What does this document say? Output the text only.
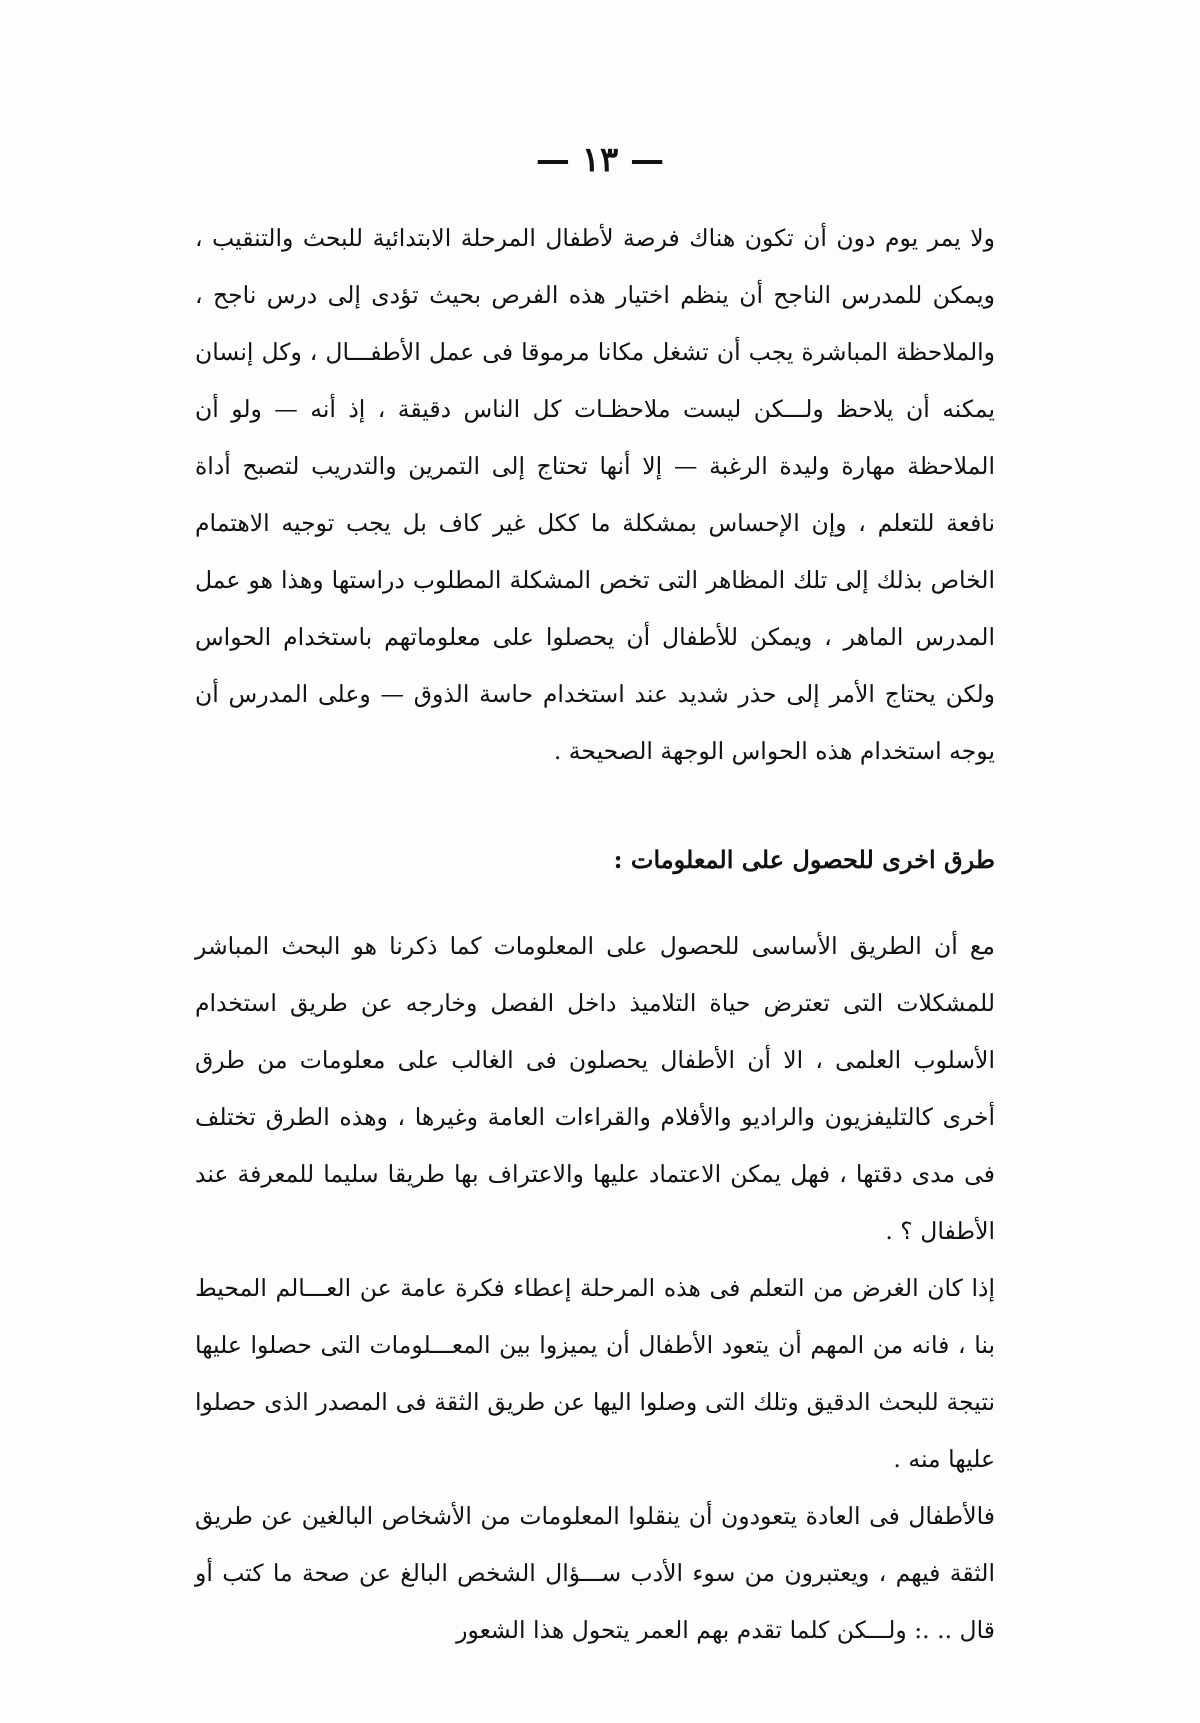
— ١٣ —

ولا يمر يوم دون أن تكون هناك فرصة لأطفال المرحلة الابتدائية للبحث والتنقيب ، ويمكن للمدرس الناجح أن ينظم اختيار هذه الفرص بحيث تؤدى إلى درس ناجح ، والملاحظة المباشرة يجب أن تشغل مكانا مرموقا فى عمل الأطفـــال ، وكل إنسان يمكنه أن يلاحظ ولـــكن ليست ملاحظـات كل الناس دقيقة ، إذ أنه — ولو أن الملاحظة مهارة وليدة الرغبة — إلا أنها تحتاج إلى التمرين والتدريب لتصبح أداة نافعة للتعلم ، وإن الإحساس بمشكلة ما ككل غير كاف بل يجب توجيه الاهتمام الخاص بذلك إلى تلك المظاهر التى تخص المشكلة المطلوب دراستها وهذا هو عمل المدرس الماهر ، ويمكن للأطفال أن يحصلوا على معلوماتهم باستخدام الحواس ولكن يحتاج الأمر إلى حذر شديد عند استخدام حاسة الذوق — وعلى المدرس أن يوجه استخدام هذه الحواس الوجهة الصحيحة .

طرق اخرى للحصول على المعلومات :

مع أن الطريق الأساسى للحصول على المعلومات كما ذكرنا هو البحث المباشر للمشكلات التى تعترض حياة التلاميذ داخل الفصل وخارجه عن طريق استخدام الأسلوب العلمى ، الا أن الأطفال يحصلون فى الغالب على معلومات من طرق أخرى كالتليفزيون والراديو والأفلام والقراءات العامة وغيرها ، وهذه الطرق تختلف فى مدى دقتها ، فهل يمكن الاعتماد عليها والاعتراف بها طريقا سليما للمعرفة عند الأطفال ؟ .

إذا كان الغرض من التعلم فى هذه المرحلة إعطاء فكرة عامة عن العـــالم المحيط بنا ، فانه من المهم أن يتعود الأطفال أن يميزوا بين المعـــلومات التى حصلوا عليها نتيجة للبحث الدقيق وتلك التى وصلوا اليها عن طريق الثقة فى المصدر الذى حصلوا عليها منه .

فالأطفال فى العادة يتعودون أن ينقلوا المعلومات من الأشخاص البالغين عن طريق الثقة فيهم ، ويعتبرون من سوء الأدب ســـؤال الشخص البالغ عن صحة ما كتب أو قال .. .: ولـــكن كلما تقدم بهم العمر يتحول هذا الشعور
